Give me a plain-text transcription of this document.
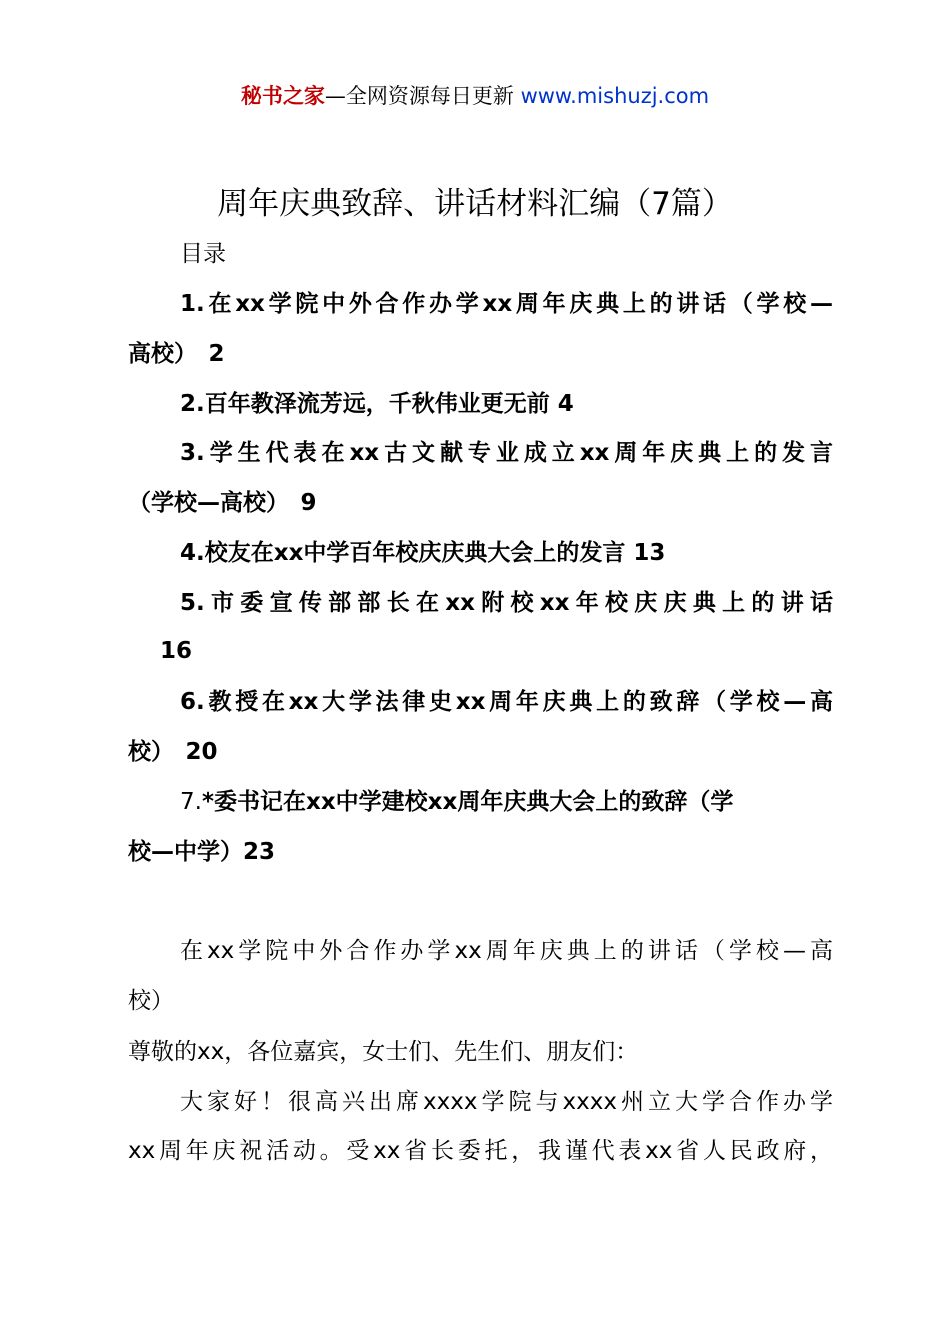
秘书之家—全网资源每日更新 www.mishuzj.com
周年庆典致辞、讲话材料汇编（7篇）
目录
1.在xx学院中外合作办学xx周年庆典上的讲话（学校—
高校）　2
2.百年教泽流芳远，千秋伟业更无前 4
3.学生代表在xx古文献专业成立xx周年庆典上的发言
（学校—高校）　9
4.校友在xx中学百年校庆庆典大会上的发言 13
5.市委宣传部部长在xx附校xx年校庆庆典上的讲话
16
6.教授在xx大学法律史xx周年庆典上的致辞（学校—高
校）　20
7.*委书记在xx中学建校xx周年庆典大会上的致辞（学
校—中学）23
在xx学院中外合作办学xx周年庆典上的讲话（学校—高
校）
尊敬的xx，各位嘉宾，女士们、先生们、朋友们：
大家好！很高兴出席xxxx学院与xxxx州立大学合作办学
xx周年庆祝活动。受xx省长委托，我谨代表xx省人民政府，
